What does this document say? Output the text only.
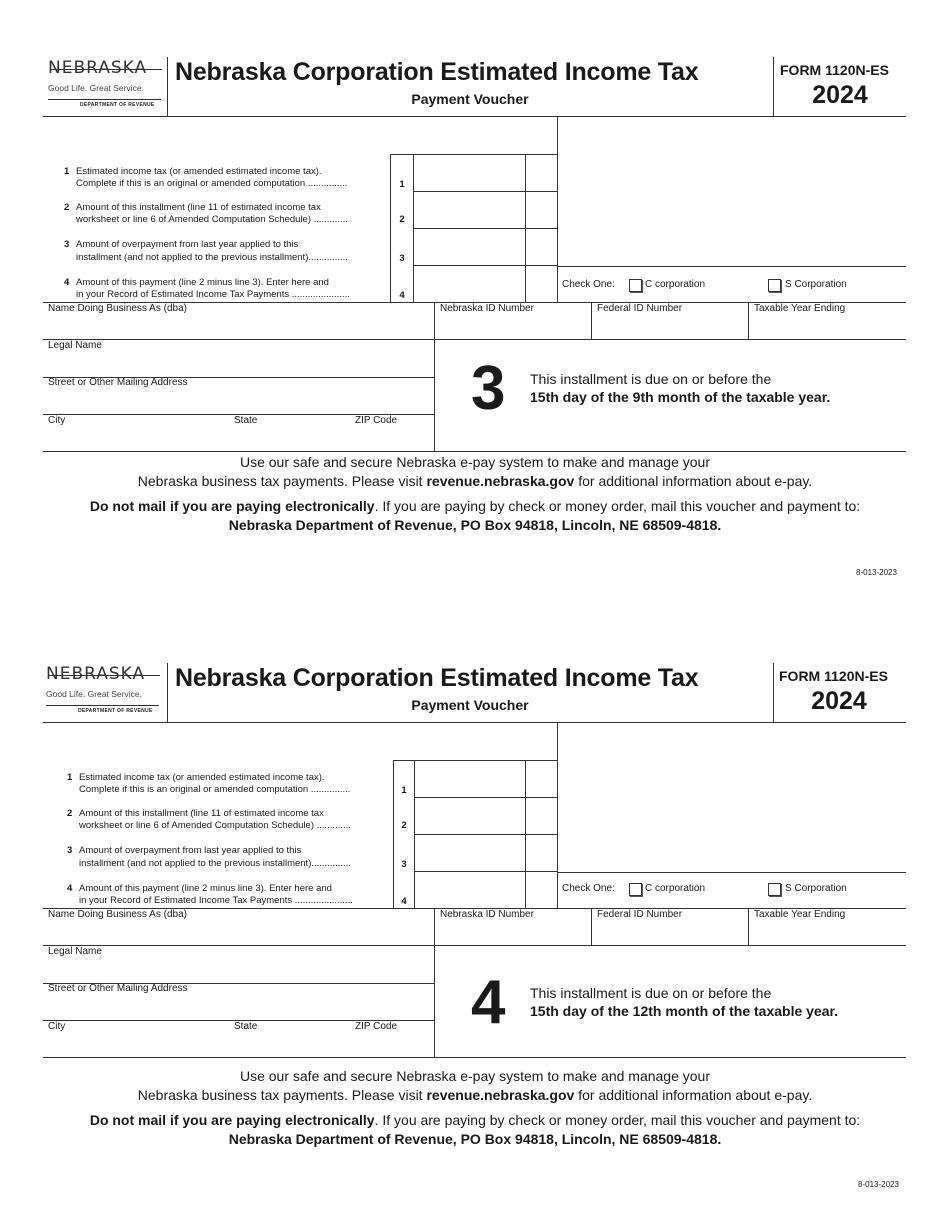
NEBRASKA
Good Life. Great Service.
DEPARTMENT OF REVENUE
Nebraska Corporation Estimated Income Tax
Payment Voucher
FORM 1120N-ES
2024
1 Estimated income tax (or amended estimated income tax).
Complete if this is an original or amended computation ...............	1
2 Amount of this installment (line 11 of estimated income tax
worksheet or line 6 of Amended Computation Schedule) .............	2
3 Amount of overpayment from last year applied to this
installment (and not applied to the previous installment)...............	3
4 Amount of this payment (line 2 minus line 3). Enter here and
in your Record of Estimated Income Tax Payments ......................	4
Check One:	C corporation	S Corporation
Name Doing Business As (dba)	Nebraska ID Number	Federal ID Number	Taxable Year Ending
Legal Name
Street or Other Mailing Address
City	State	ZIP Code 3 This installment is due on or before the
15th day of the 9th month of the taxable year.
Use our safe and secure Nebraska e-pay system to make and manage your
Nebraska business tax payments. Please visit revenue.nebraska.gov for additional information about e-pay.
Do not mail if you are paying electronically. If you are paying by check or money order, mail this voucher and payment to:
Nebraska Department of Revenue, PO Box 94818, Lincoln, NE 68509-4818.
8-013-2023
NEBRASKA
Good Life. Great Service.
DEPARTMENT OF REVENUE
Nebraska Corporation Estimated Income Tax
Payment Voucher
FORM 1120N-ES
2024
1 Estimated income tax (or amended estimated income tax).
Complete if this is an original or amended computation ...............	1
2 Amount of this installment (line 11 of estimated income tax
worksheet or line 6 of Amended Computation Schedule) .............	2
3 Amount of overpayment from last year applied to this
installment (and not applied to the previous installment)...............	3
4 Amount of this payment (line 2 minus line 3). Enter here and
in your Record of Estimated Income Tax Payments ......................	4
Check One:	C corporation	S Corporation
Name Doing Business As (dba)	Nebraska ID Number	Federal ID Number	Taxable Year Ending
Legal Name
Street or Other Mailing Address
City	State	ZIP Code 4 This installment is due on or before the
15th day of the 12th month of the taxable year.
Use our safe and secure Nebraska e-pay system to make and manage your
Nebraska business tax payments. Please visit revenue.nebraska.gov for additional information about e-pay.
Do not mail if you are paying electronically. If you are paying by check or money order, mail this voucher and payment to:
Nebraska Department of Revenue, PO Box 94818, Lincoln, NE 68509-4818.
8-013-2023
